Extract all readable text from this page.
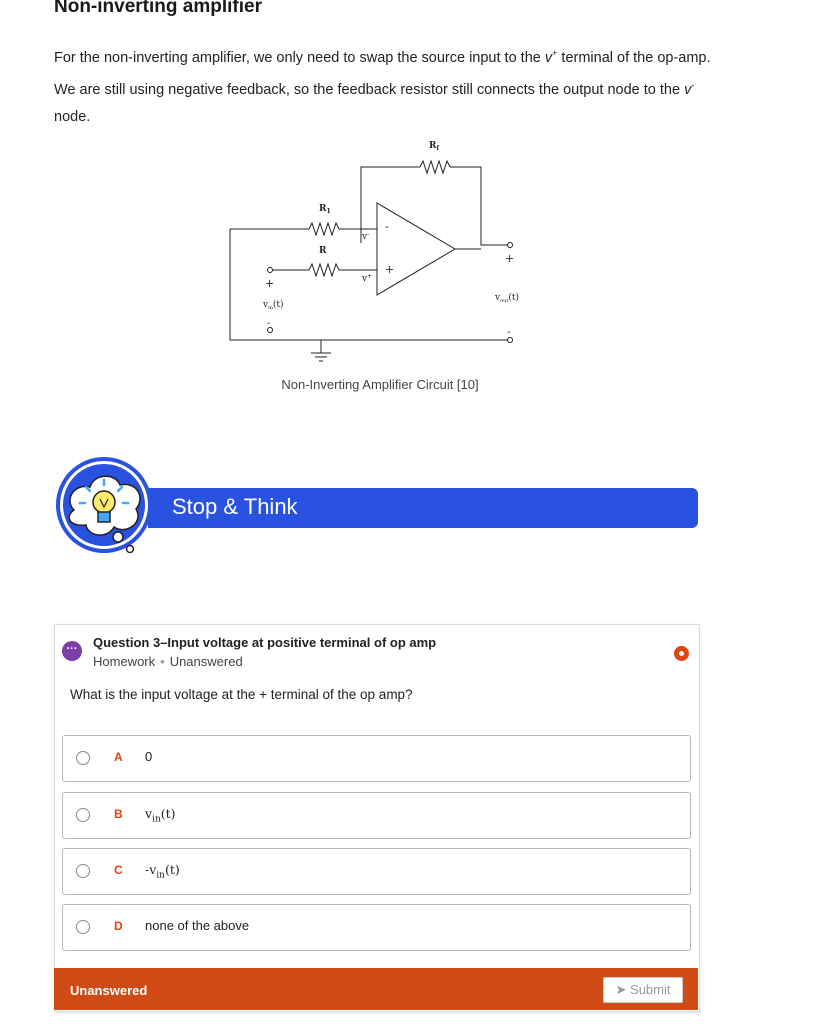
Non-inverting amplifier

For the non-inverting amplifier, we only need to swap the source input to the v+ terminal of the op-amp. We are still using negative feedback, so the feedback resistor still connects the output node to the v- node.

$R_f$
$R_1$
R
v-
v+
-
+
+
$v_{in}(t)$
-
+
$v_{out}(t)$
-
Non-Inverting Amplifier Circuit [10]
Stop & Think
···	Question 3–Input voltage at positive terminal of op amp
Homework • Unanswered
What is the input voltage at the + terminal of the op amp?
A 0
B $v_{in}(t)$
C $-v_{in}(t)$
D none of the above
Unanswered	➤ Submit
